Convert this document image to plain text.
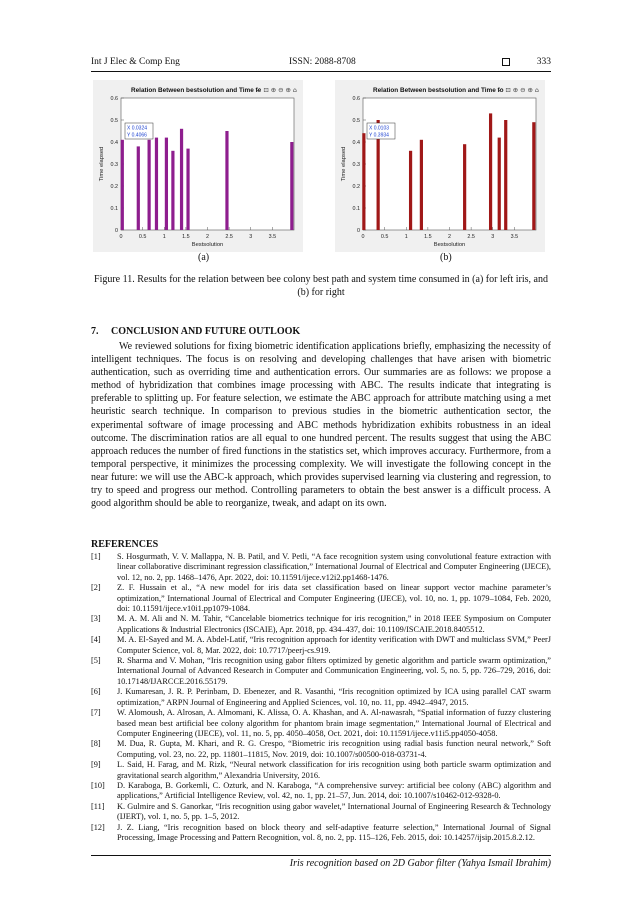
Int J Elec & Comp Eng	ISSN: 2088-8708	333
Relation Between bestsolution and Time fe
✓ ⊡ ⊕ ⊖ ⊕ ⌂
0
0.1
0.2
0.3
0.4
0.5
0.6
0	0.5	1	1.5	2	2.5	3	3.5
Bestsolution
Time elapsed
X 0.0324
Y 0.4066
Relation Between bestsolution and Time fo
✓ ⊡ ⊕ ⊖ ⊕ ⌂
0
0.1
0.2
0.3
0.4
0.5
0.6
0	0.5	1	1.5	2	2.5	3	3.5
Bestsolution
Time elapsed
X 0.0103
Y 0.3934
(a)	(b)
Figure 11. Results for the relation between bee colony best path and system time consumed in (a) for left iris, and (b) for right
7.     CONCLUSION AND FUTURE OUTLOOK
We reviewed solutions for fixing biometric identification applications briefly, emphasizing the necessity of intelligent techniques. The focus is on resolving and developing challenges that have arisen with biometric authentication, such as overriding time and authentication errors. Our summaries are as follows: we propose a method of hybridization that combines image processing with ABC. The results indicate that integrating is preferable to splitting up. For feature selection, we estimate the ABC approach for attribute matching using a met heuristic search technique. In comparison to previous studies in the biometric authentication sector, the experimental software of image processing and ABC methods hybridization exhibits robustness in an ideal outcome. The discrimination ratios are all equal to one hundred percent. The results suggest that using the ABC approach reduces the number of fired functions in the statistics set, which improves accuracy. Furthermore, from a temporal perspective, it minimizes the processing complexity. We will investigate the following concept in the near future: we will use the ABC-k approach, which provides supervised learning via clustering and regression, to try to speed and progress our method. Controlling parameters to obtain the best answer is a difficult process. A good algorithm should be able to reorganize, tweak, and adapt on its own.
REFERENCES
[1] S. Hosgurmath, V. V. Mallappa, N. B. Patil, and V. Petli, “A face recognition system using convolutional feature extraction with linear collaborative discriminant regression classification,” International Journal of Electrical and Computer Engineering (IJECE), vol. 12, no. 2, pp. 1468–1476, Apr. 2022, doi: 10.11591/ijece.v12i2.pp1468-1476.
[2] Z. F. Hussain et al., “A new model for iris data set classification based on linear support vector machine parameter’s optimization,” International Journal of Electrical and Computer Engineering (IJECE), vol. 10, no. 1, pp. 1079–1084, Feb. 2020, doi: 10.11591/ijece.v10i1.pp1079-1084.
[3] M. A. M. Ali and N. M. Tahir, “Cancelable biometrics technique for iris recognition,” in 2018 IEEE Symposium on Computer Applications & Industrial Electronics (ISCAIE), Apr. 2018, pp. 434–437, doi: 10.1109/ISCAIE.2018.8405512.
[4] M. A. El-Sayed and M. A. Abdel-Latif, “Iris recognition approach for identity verification with DWT and multiclass SVM,” PeerJ Computer Science, vol. 8, Mar. 2022, doi: 10.7717/peerj-cs.919.
[5] R. Sharma and V. Mohan, “Iris recognition using gabor filters optimized by genetic algorithm and particle swarm optimization,” International Journal of Advanced Research in Computer and Communication Engineering, vol. 5, no. 5, pp. 726–729, 2016, doi: 10.17148/IJARCCE.2016.55179.
[6] J. Kumaresan, J. R. P. Perinbam, D. Ebenezer, and R. Vasanthi, “Iris recognition optimized by ICA using parallel CAT swarm optimization,” ARPN Journal of Engineering and Applied Sciences, vol. 10, no. 11, pp. 4942–4947, 2015.
[7] W. Alomoush, A. Alrosan, A. Almomani, K. Alissa, O. A. Khashan, and A. Al-nawasrah, “Spatial information of fuzzy clustering based mean best artificial bee colony algorithm for phantom brain image segmentation,” International Journal of Electrical and Computer Engineering (IJECE), vol. 11, no. 5, pp. 4050–4058, Oct. 2021, doi: 10.11591/ijece.v11i5.pp4050-4058.
[8] M. Dua, R. Gupta, M. Khari, and R. G. Crespo, “Biometric iris recognition using radial basis function neural network,” Soft Computing, vol. 23, no. 22, pp. 11801–11815, Nov. 2019, doi: 10.1007/s00500-018-03731-4.
[9] L. Said, H. Farag, and M. Rizk, “Neural network classification for iris recognition using both particle swarm optimization and gravitational search algorithm,” Alexandria University, 2016.
[10] D. Karaboga, B. Gorkemli, C. Ozturk, and N. Karaboga, “A comprehensive survey: artificial bee colony (ABC) algorithm and applications,” Artificial Intelligence Review, vol. 42, no. 1, pp. 21–57, Jun. 2014, doi: 10.1007/s10462-012-9328-0.
[11] K. Gulmire and S. Ganorkar, “Iris recognition using gabor wavelet,” International Journal of Engineering Research & Technology (IJERT), vol. 1, no. 5, pp. 1–5, 2012.
[12] J. Z. Liang, “Iris recognition based on block theory and self-adaptive featurre selection,” International Journal of Signal Processing, Image Processing and Pattern Recognition, vol. 8, no. 2, pp. 115–126, Feb. 2015, doi: 10.14257/ijsip.2015.8.2.12.
Iris recognition based on 2D Gabor filter (Yahya Ismail Ibrahim)
